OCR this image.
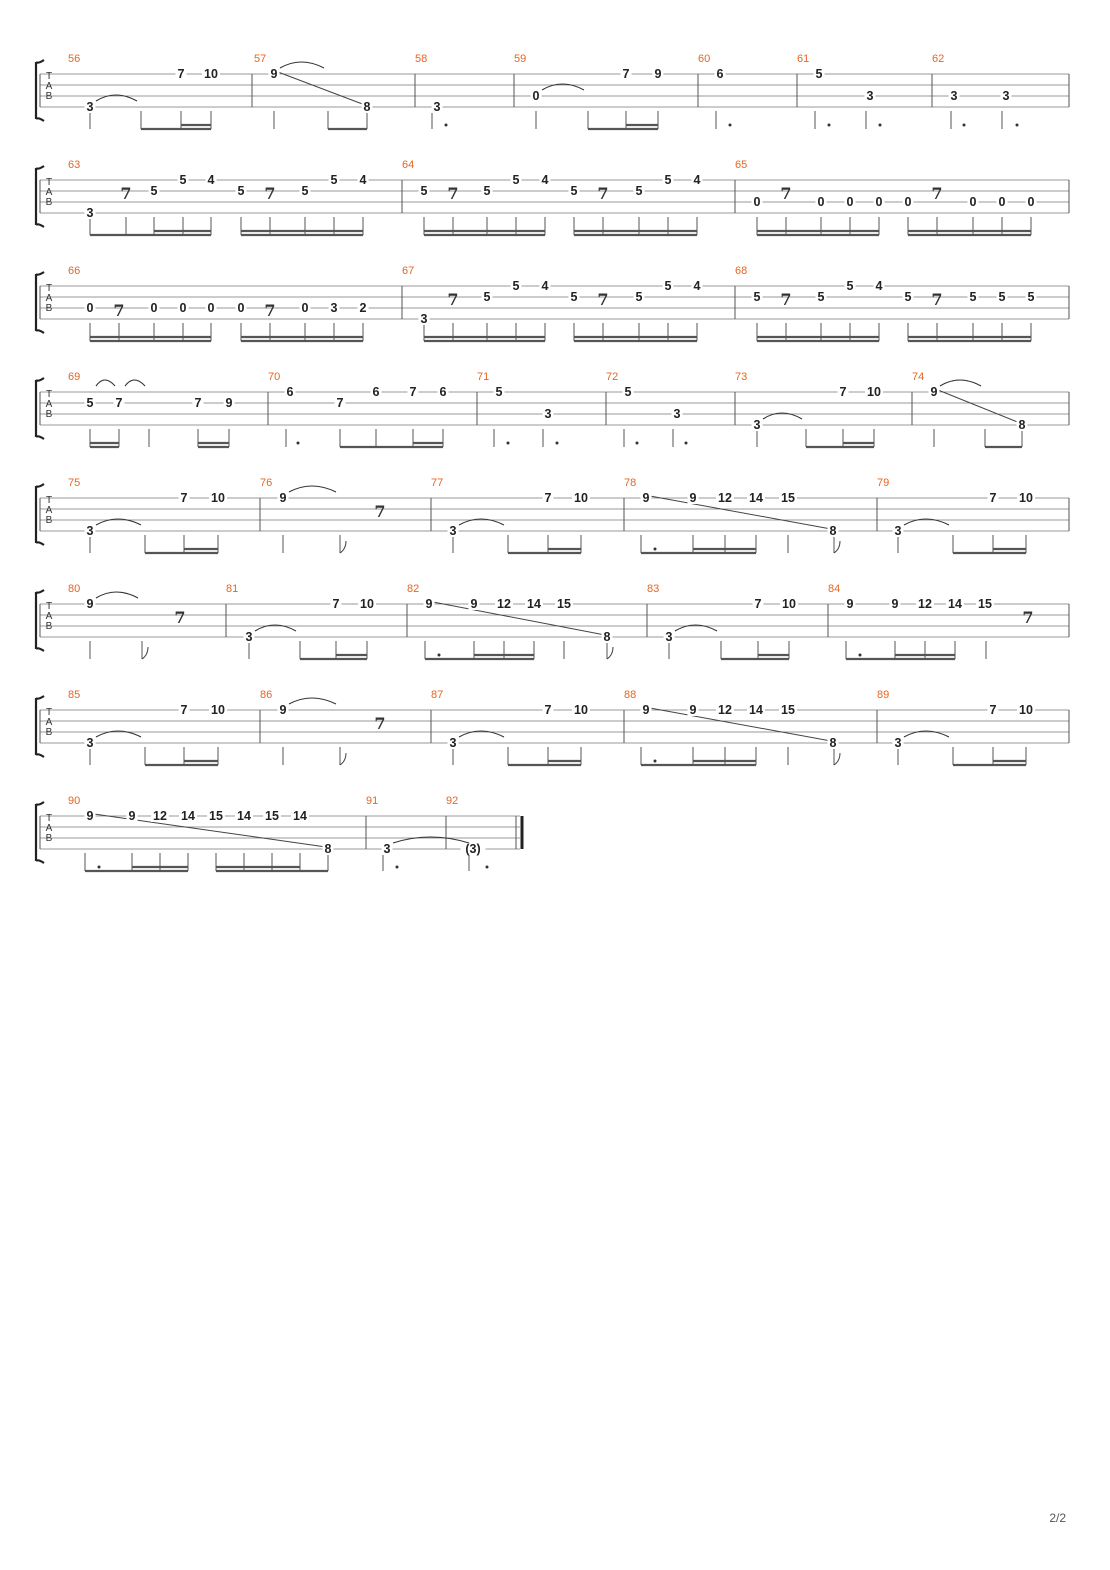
T
A
B
56
3
7 10
57
9
8
58
3
59
0
7 9
60
6
61
5
3
62
3	3
T
A
B	7	7	7	7	7	7
63
3
5
5 4
5	5
5 4
64
5	5
5 4
5	5
5 4
65
0	0 0 0 0	0 0 0
T
A
B	7	7
7	7	7	7
66
0	0 0 0 0	0 3 2
67
3
5
5 4
5	5
5 4
68
5	5
5 4
5	5 5 5
T
A
B
69
5 7	7 9
70
6
7
6 7 6
71
5
3
72
5
3
73
3
7 10
74
9
8
T
A
B	7
75
3
7 10
76
9
77
3
7 10
78
9	9 12 14 15
8
79
3
7 10
T
A
B	7	7
80
9
81
3
7 10
82
9	9 12 14 15
8
83
3
7 10
84
9	9 12 14 15
T
A
B	7
85
3
7 10
86
9
87
3
7 10
88
9	9 12 14 15
8
89
3
7 10
T
A
B
90
9	9 12 14 15 14 15 14
8
91
3
92
(3)
2/2
